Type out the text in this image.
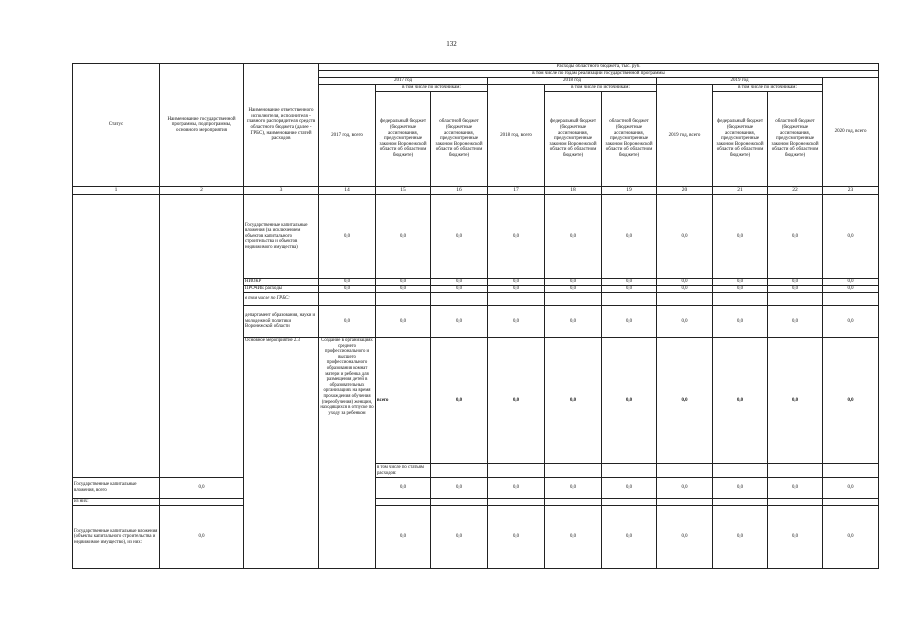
132
Статус	Наименование государственной программы, подпрограммы, основного мероприятия	Наименование ответственного исполнителя, исполнителя - главного распорядителя средств областного бюджета (далее - ГРБС), наименование статей расходов	Расходы областного бюджета, тыс. руб.										
			в том числе по годам реализации государственной программы										
			2017 год			2018 год			2019 год			2020 год, всего	
			2017 год, всего	в том числе по источникам:		2018 год, всего	в том числе по источникам:		2019 год, всего	в том числе по источникам:			
				федеральный бюджет (бюджетные ассигнования, предусмотренные законом Воронежской области об областном бюджете)	областной бюджет (бюджетные ассигнования, предусмотренные законом Воронежской области об областном бюджете)		федеральный бюджет (бюджетные ассигнования, предусмотренные законом Воронежской области об областном бюджете)	областной бюджет (бюджетные ассигнования, предусмотренные законом Воронежской области об областном бюджете)		федеральный бюджет (бюджетные ассигнования, предусмотренные законом Воронежской области об областном бюджете)	областной бюджет (бюджетные ассигнования, предусмотренные законом Воронежской области об областном бюджете)		
1	2	3	14	15	16	17	18	19	20	21	22	23	
		Государственные капитальные вложения (за исключением объектов капитального строительства и объектов недвижимого имущества)	0,0	0,0	0,0	0,0	0,0	0,0	0,0	0,0	0,0	0,0	
		НИОКР	0,0	0,0	0,0	0,0	0,0	0,0	0,0	0,0	0,0	0,0	
		ПРОЧИЕ расходы	0,0	0,0	0,0	0,0	0,0	0,0	0,0	0,0	0,0	0,0	
		в том числе по ГРБС:											
		департамент образования, науки и молодежной политики Воронежской области	0,0	0,0	0,0	0,0	0,0	0,0	0,0	0,0	0,0	0,0	
		Основное мероприятие 2.3	Создание в организациях среднего профессионального и высшего профессионального образования комнат матери и ребенка для размещения детей в образовательных организациях на время прохождения обучения (переобучения) женщин, находящихся в отпуске по уходу за ребенком	всего	0,0	0,0	0,0	0,0	0,0	0,0	0,0	0,0		
				в том числе по статьям расходов:										
Государственные капитальные вложения, всего	0,0			0,0	0,0	0,0	0,0	0,0	0,0	0,0	0,0	0,0	
из них:													
Государственные капитальные вложения (объекты капитального строительства и недвижимое имущество), из них:	0,0			0,0	0,0	0,0	0,0	0,0	0,0	0,0	0,0	0,0	
